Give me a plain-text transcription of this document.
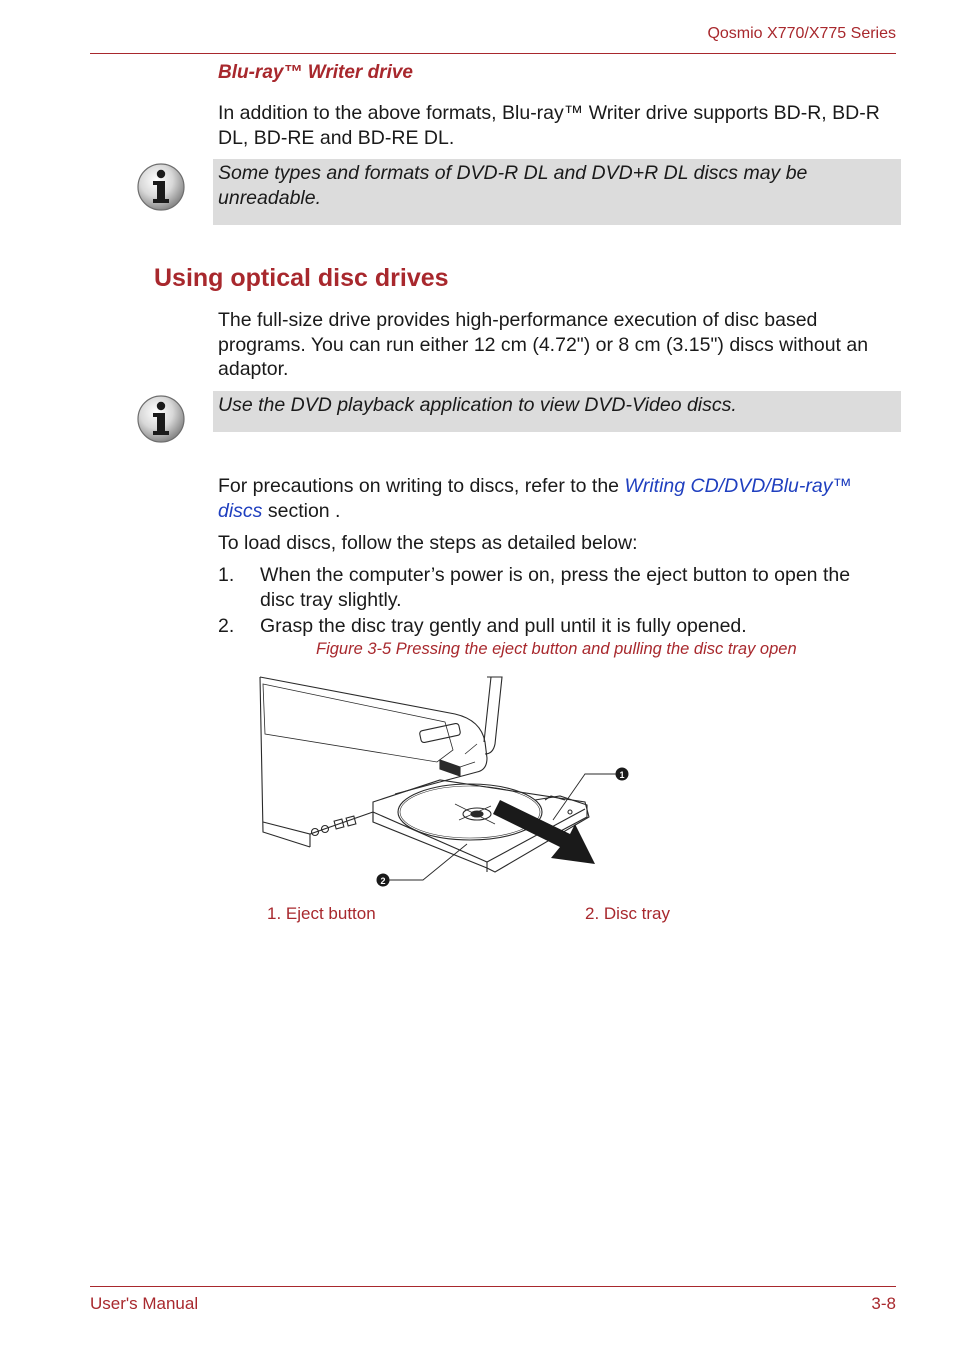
Qosmio X770/X775 Series
Blu-ray™ Writer drive
In addition to the above formats, Blu-ray™ Writer drive supports BD-R, BD-R DL, BD-RE and BD-RE DL.
Some types and formats of DVD-R DL and DVD+R DL discs may be unreadable.
Using optical disc drives
The full-size drive provides high-performance execution of disc based programs. You can run either 12 cm (4.72") or 8 cm (3.15") discs without an adaptor.
Use the DVD playback application to view DVD-Video discs.
For precautions on writing to discs, refer to the Writing CD/DVD/Blu-ray™ discs section .
To load discs, follow the steps as detailed below:
1. When the computer’s power is on, press the eject button to open the disc tray slightly.
2. Grasp the disc tray gently and pull until it is fully opened.
Figure 3-5 Pressing the eject button and pulling the disc tray open
1
2
1. Eject button	2. Disc tray
User's Manual	3-8
